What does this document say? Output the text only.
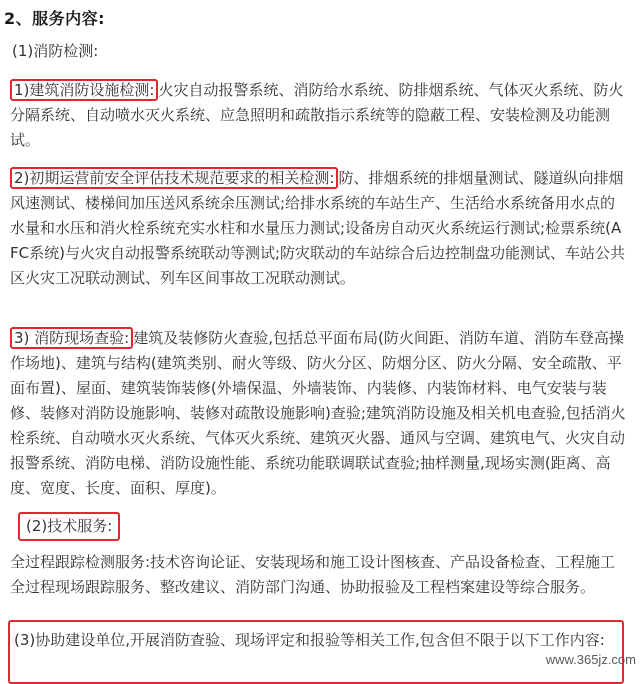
2、服务内容:
(1)消防检测:
1)建筑消防设施检测: 火灾自动报警系统、消防给水系统、防排烟系统、气体灭火系统、防火分隔系统、自动喷水灭火系统、应急照明和疏散指示系统等的隐蔽工程、安装检测及功能测试。
2)初期运营前安全评估技术规范要求的相关检测: 防、排烟系统的排烟量测试、隧道纵向排烟风速测试、楼梯间加压送风系统余压测试;给排水系统的车站生产、生活给水系统备用水点的水量和水压和消火栓系统充实水柱和水量压力测试;设备房自动灭火系统运行测试;检票系统(AFC系统)与火灾自动报警系统联动等测试;防灾联动的车站综合后边控制盘功能测试、车站公共区火灾工况联动测试、列车区间事故工况联动测试。
3) 消防现场查验: 建筑及装修防火查验,包括总平面布局(防火间距、消防车道、消防车登高操作场地)、建筑与结构(建筑类别、耐火等级、防火分区、防烟分区、防火分隔、安全疏散、平面布置)、屋面、建筑装饰装修(外墙保温、外墙装饰、内装修、内装饰材料、电气安装与装修、装修对消防设施影响、装修对疏散设施影响)查验;建筑消防设施及相关机电查验,包括消火栓系统、自动喷水灭火系统、气体灭火系统、建筑灭火器、通风与空调、建筑电气、火灾自动报警系统、消防电梯、消防设施性能、系统功能联调联试查验;抽样测量,现场实测(距离、高度、宽度、长度、面积、厚度)。
(2)技术服务:
全过程跟踪检测服务:技术咨询论证、安装现场和施工设计图核查、产品设备检查、工程施工全过程现场跟踪服务、整改建议、消防部门沟通、协助报验及工程档案建设等综合服务。
(3)协助建设单位,开展消防查验、现场评定和报验等相关工作,包含但不限于以下工作内容:
www.365jz.com
